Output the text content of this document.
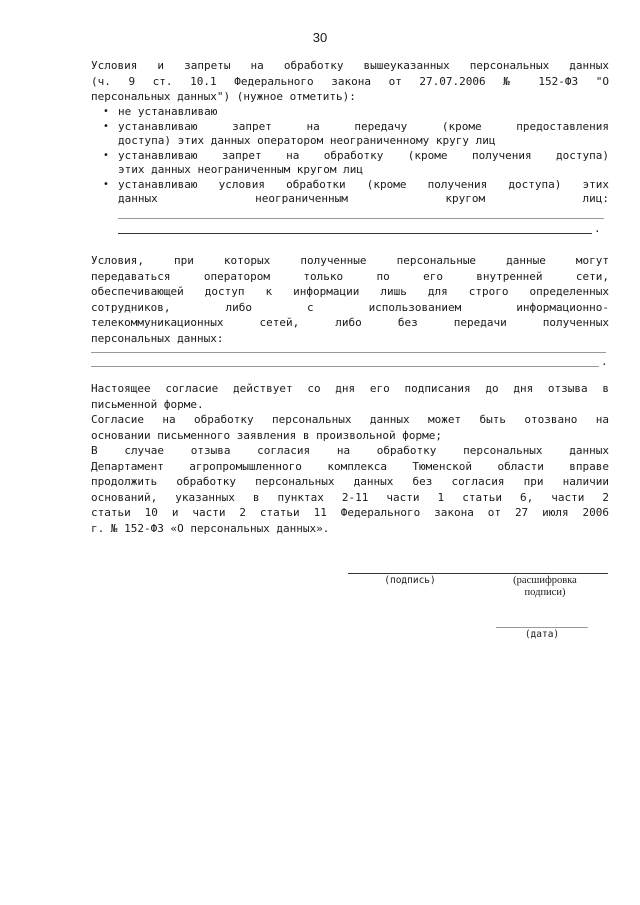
30
Условия и запреты на обработку вышеуказанных персональных данных
(ч. 9 ст. 10.1 Федерального закона от 27.07.2006 № 152-ФЗ "О
персональных данных") (нужное отметить):
• не устанавливаю
• устанавливаю запрет на передачу (кроме предоставления
доступа) этих данных оператором неограниченному кругу лиц
• устанавливаю запрет на обработку (кроме получения доступа)
этих данных неограниченным кругом лиц
• устанавливаю условия обработки (кроме получения доступа) этих
данных неограниченным кругом лиц:
.
Условия, при которых полученные персональные данные могут
передаваться оператором только по его внутренней сети,
обеспечивающей доступ к информации лишь для строго определенных
сотрудников, либо с использованием информационно-
телекоммуникационных сетей, либо без передачи полученных
персональных данных:
.
Настоящее согласие действует со дня его подписания до дня отзыва в
письменной форме.
Согласие на обработку персональных данных может быть отозвано на
основании письменного заявления в произвольной форме;
В случае отзыва согласия на обработку персональных данных
Департамент агропромышленного комплекса Тюменской области вправе
продолжить обработку персональных данных без согласия при наличии
оснований, указанных в пунктах 2-11 части 1 статьи 6, части 2
статьи 10 и части 2 статьи 11 Федерального закона от 27 июля 2006
г. № 152-ФЗ «О персональных данных».
(подпись)	(расшифровка
подписи)
(дата)
